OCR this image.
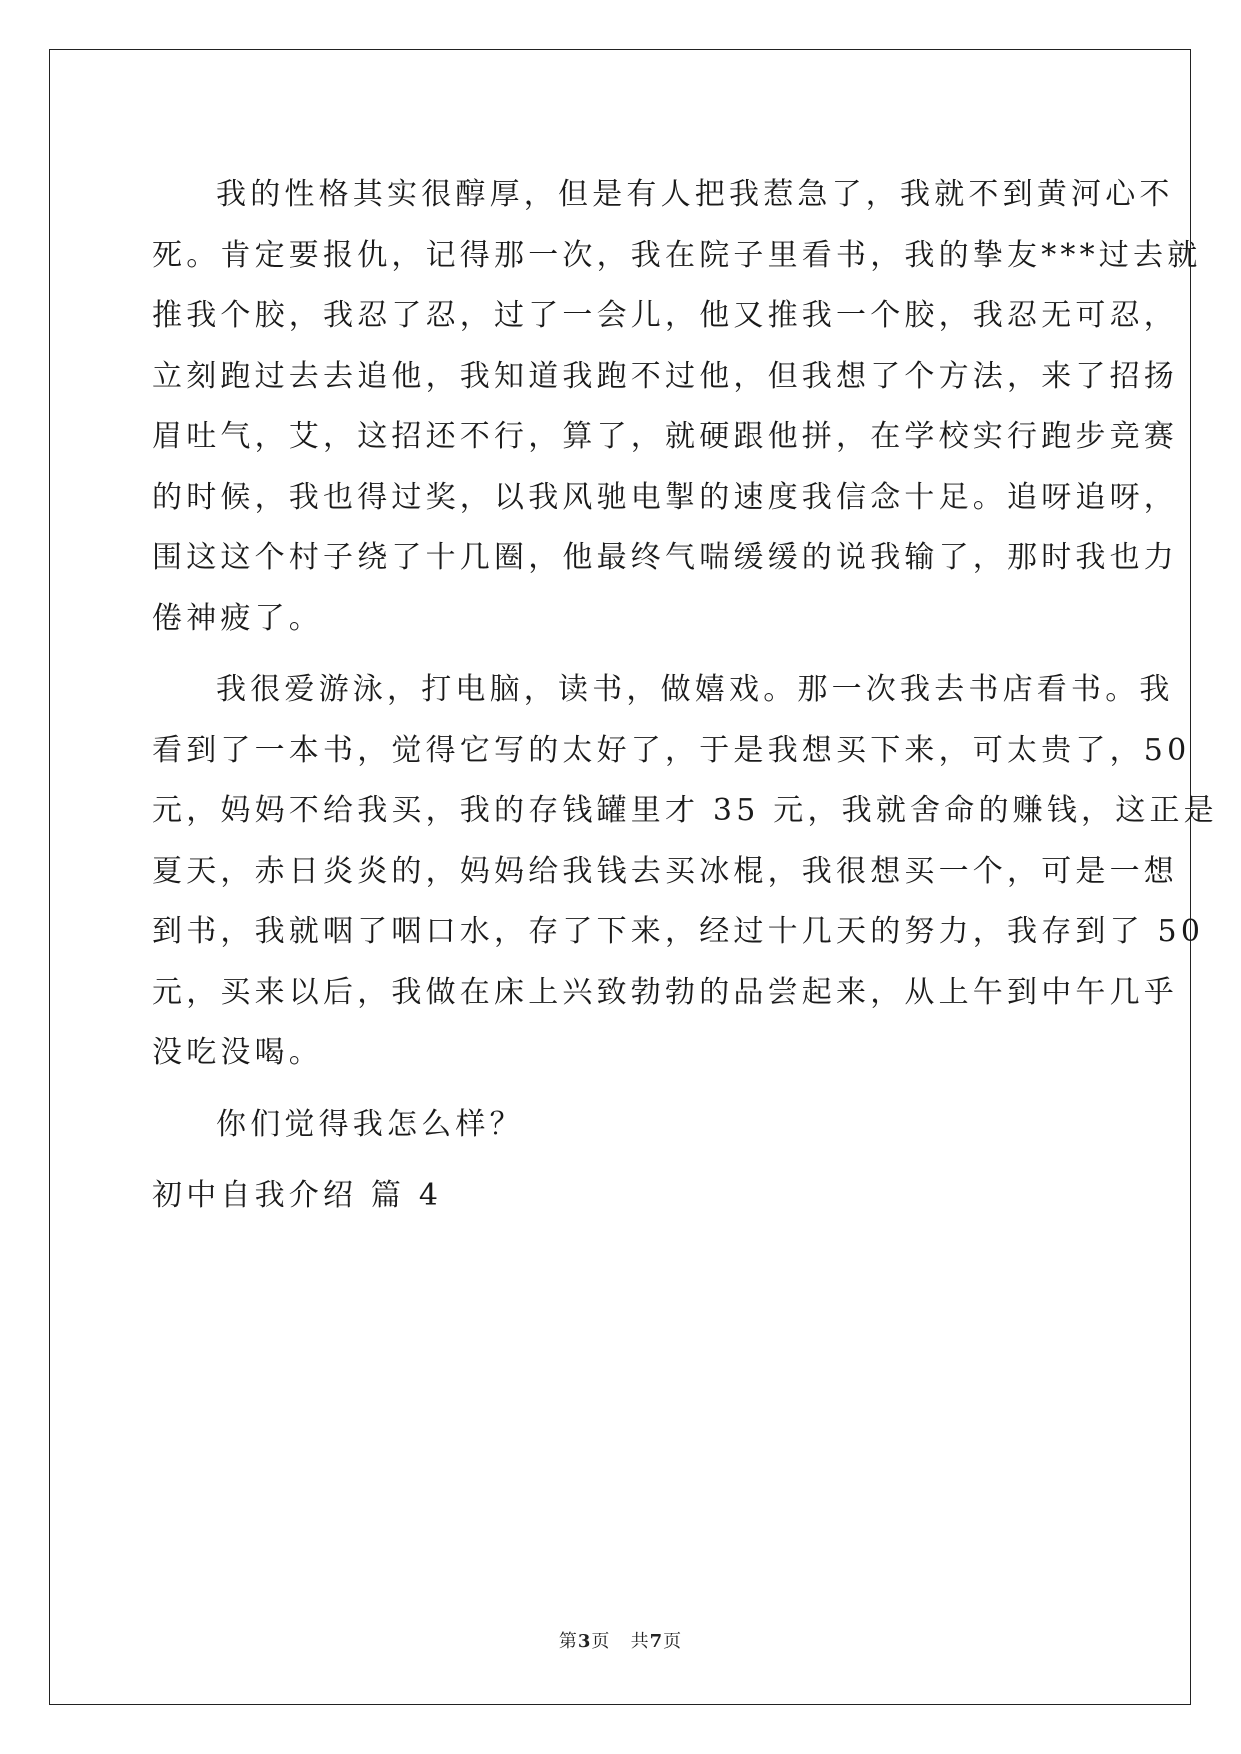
我的性格其实很醇厚，但是有人把我惹急了，我就不到黄河心不
死。肯定要报仇，记得那一次，我在院子里看书，我的挚友***过去就
推我个胶，我忍了忍，过了一会儿，他又推我一个胶，我忍无可忍，
立刻跑过去去追他，我知道我跑不过他，但我想了个方法，来了招扬
眉吐气，艾，这招还不行，算了，就硬跟他拼，在学校实行跑步竞赛
的时候，我也得过奖，以我风驰电掣的速度我信念十足。追呀追呀，
围这这个村子绕了十几圈，他最终气喘缓缓的说我输了，那时我也力
倦神疲了。

我很爱游泳，打电脑，读书，做嬉戏。那一次我去书店看书。我
看到了一本书，觉得它写的太好了，于是我想买下来，可太贵了，50
元，妈妈不给我买，我的存钱罐里才 35 元，我就舍命的赚钱，这正是
夏天，赤日炎炎的，妈妈给我钱去买冰棍，我很想买一个，可是一想
到书，我就咽了咽口水，存了下来，经过十几天的努力，我存到了 50
元，买来以后，我做在床上兴致勃勃的品尝起来，从上午到中午几乎
没吃没喝。

你们觉得我怎么样？

初中自我介绍 篇 4

第3页 共7页
